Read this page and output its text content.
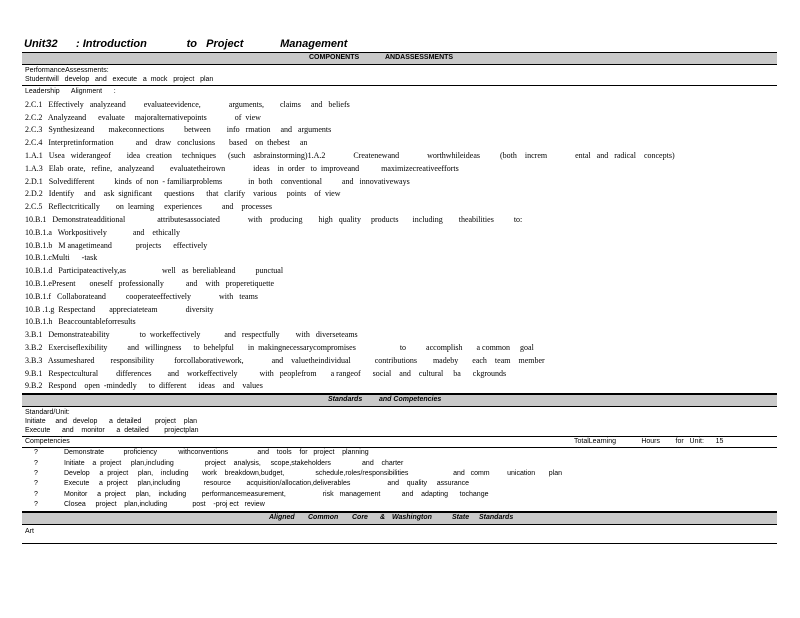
Unit32 : Introduction	to Project	Management
COMPONENTS	ANDASSESSMENTS
PerformanceAssessments:
Studentwill   develop   and   execute   a  mock   project   plan
Leadership      Alignment      :
2.C.1   Effectively   analyzeand         evaluateevidence,              arguments,        claims     and   beliefs
2.C.2   Analyzeand      evaluate     majoralternativepoints              of  view
2.C.3   Synthesizeand       makeconnections          between        info   rmation     and   arguments
2.C.4   Interpretinformation           and    draw   conclusions       based    on  thebest     an
1.A.1   Usea   widerangeof        idea   creation     techniques      (such    asbrainstorming)1.A.2              Createnewand              worthwhileideas          (both    increm              ental   and   radical    concepts)
1.A.3   Elab  orate,   refine,   analyzeand        evaluatetheirown              ideas    in  order   to  improveand           maximizecreativeefforts
2.D.1   Solvedifferent          kinds  of  non  - familiarproblems             in  both    conventional          and   innovativeways
2.D.2   Identify     and    ask  significant      questions      that   clarify    various     points    of  view
2.C.5   Reflectcritically        on  learning     experiences          and    processes
10.B.1   Demonstrateadditional                attributesassociated              with    producing        high   quality     products       including        theabilities          to:
10.B.1.a   Workpositively             and    ethically
10.B.1.b   M anagetimeand            projects      effectively
10.B.1.cMulti      -task
10.B.1.d   Participateactively,as                  well   as  bereliableand          punctual
10.B.1.ePresent       oneself   professionally           and    with   properetiquette
10.B.1.f   Collaborateand          cooperateeffectively              with   teams
10.B .1.g  Respectand       appreciateteam              diversity
10.B.1.h   Beaccountableforresults
3.B.1   Demonstrateability               to  workeffectively            and   respectfully        with   diverseteams
3.B.2   Exerciseflexibility          and   willingness      to  behelpful       in  makingnecessarycompromises                      to          accomplish       a common     goal
3.B.3   Assumeshared        responsibility          forcollaborativework,              and    valuetheindividual            contributions        madeby       each    team    member
9.B.1   Respectcultural         differences        and    workeffectively           with   peoplefrom       a rangeof      social    and    cultural     ba      ckgrounds
9.B.2   Respond    open  -mindedly      to  different      ideas    and    values
Standards and Competencies
Standard/Unit:
Initiate     and   develop      a  detailed       project    plan
Execute      and    monitor      a  detailed        projectplan
Competencies	TotalLearning             Hours        for   Unit:      15
?	Demonstrate          proficiency           withconventions               and    tools    for   project    planning
?	Initiate    a  project     plan,including                project    analysis,     scope,stakeholders                and    charter
?	Develop     a  project     plan,    including       work    breakdown,budget,                schedule,roles/responsibilities                       and   comm         unication       plan
?	Execute     a  project     plan,including            resource        acquisition/allocation,deliverables                   and    quality     assurance
?	Monitor     a  project     plan,    including        performancemeasurement,                   risk   management           and    adapting      tochange
?	Closea     project    plan,including             post    -proj ect   review
Aligned Common Core & Washington	State Standards
Art
